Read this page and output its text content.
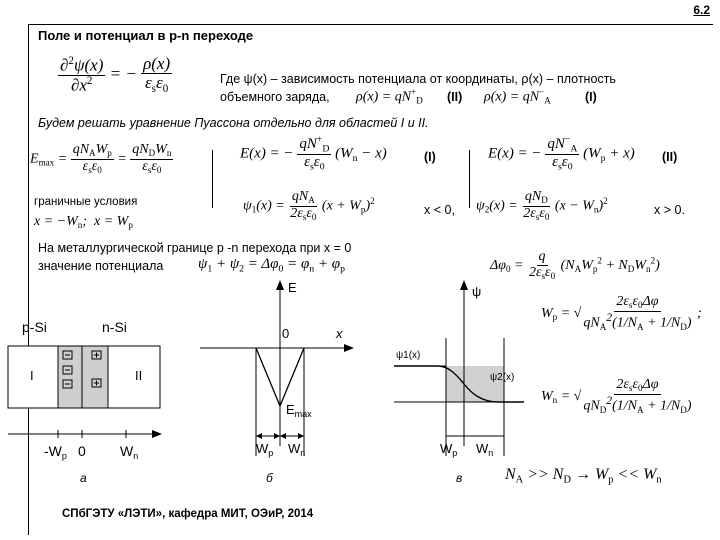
6.2
Поле и потенциал в p-n переходе
$\frac{\partial^2\psi(x)}{\partial x^2}$ = − $\frac{\rho(x)}{\varepsilon_s\varepsilon_0}$	Где ψ(x) – зависимость потенциала от координаты, ρ(x) – плотность
объемного заряда, $\rho(x) = qN^+_D$ (II) $\rho(x) = qN^-_A$	(I)
Будем решать уравнение Пуассона отдельно для областей I и II.
$E_{max} = \frac{qN_AW_p}{\varepsilon_s\varepsilon_0} = \frac{qN_DW_n}{\varepsilon_s\varepsilon_0}$	E(x) = − $\frac{qN^+_D}{\varepsilon_s\varepsilon_0} (W_n - x)$	(I)	E(x) = − $\frac{qN^-_A}{\varepsilon_s\varepsilon_0} (W_p + x)$ (II)
граничные условия
$x = -W_n$;  $x = W_p$
$\psi_1(x) = \frac{qN_A}{2\varepsilon_s\varepsilon_0} (x + W_p)^2$
x < 0, $\psi_2(x) = \frac{qN_D}{2\varepsilon_s\varepsilon_0} (x - W_n)^2$
x > 0.
На металлургической границе p -n перехода при x = 0
значение потенциала $\psi_1 + \psi_2 = \Delta\varphi_0 = \varphi_n + \varphi_p$	$\Delta\varphi_0 = \frac{q}{2\varepsilon_s\varepsilon_0} (N_AW_p^2 + N_DW_n^2)$
$W_p$ = √ $\frac{2\varepsilon_s\varepsilon_0\Delta\varphi}{qN_A^2(1/N_A + 1/N_D)}$ ;
$W_n$ = √ $\frac{2\varepsilon_s\varepsilon_0\Delta\varphi}{qN_D^2(1/N_A + 1/N_D)}$
$N_A >> N_D \to W_p << W_n$
p-Si	n-Si
I	II
$-W_p$ 0 $W_n$
а
E
x
0
$E_{max}$
$W_p$ $W_n$
б
ψ
ψ1(x)
ψ2(x)
$W_p$ $W_n$
в
СПбГЭТУ «ЛЭТИ», кафедра МИТ, ОЭиР, 2014
